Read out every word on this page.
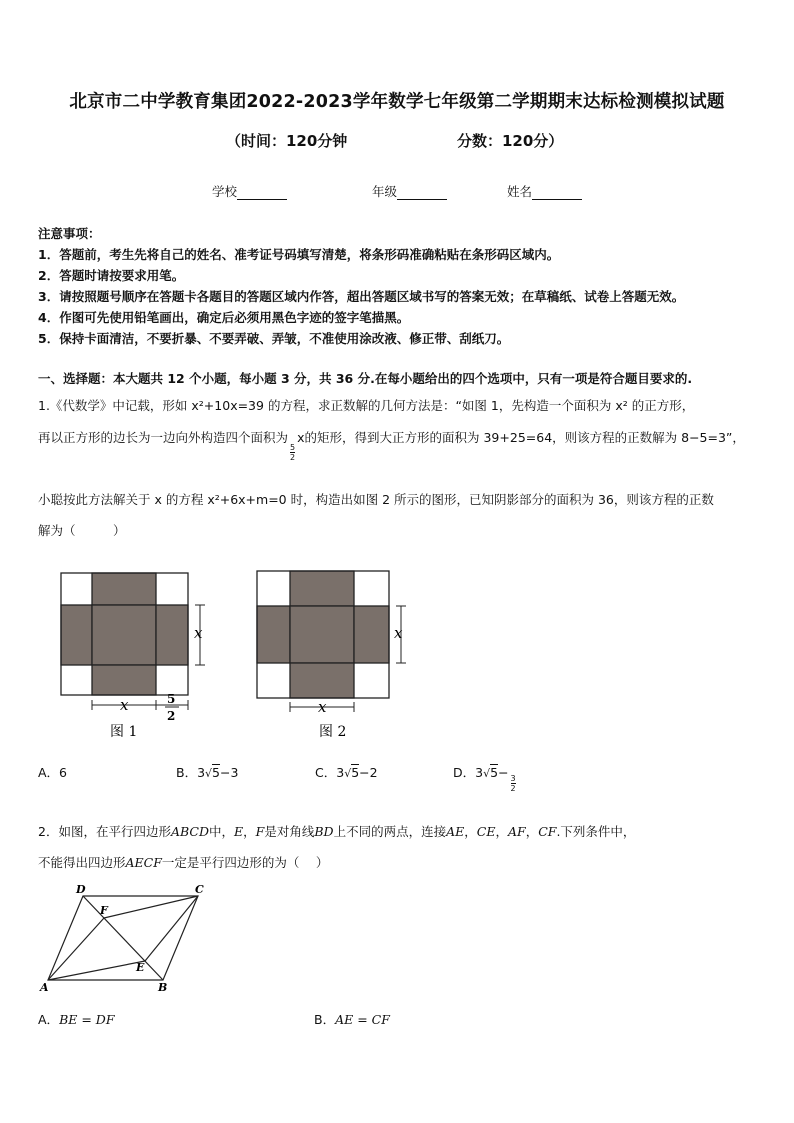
北京市二中学教育集团2022-2023学年数学七年级第二学期期末达标检测模拟试题
（时间：120分钟	分数：120分）
学校	年级	姓名
注意事项：
1．答题前，考生先将自己的姓名、准考证号码填写清楚，将条形码准确粘贴在条形码区域内。
2．答题时请按要求用笔。
3．请按照题号顺序在答题卡各题目的答题区域内作答，超出答题区域书写的答案无效；在草稿纸、试卷上答题无效。
4．作图可先使用铅笔画出，确定后必须用黑色字迹的签字笔描黑。
5．保持卡面清洁，不要折暴、不要弄破、弄皱，不准使用涂改液、修正带、刮纸刀。
一、选择题：本大题共 12 个小题，每小题 3 分，共 36 分.在每小题给出的四个选项中，只有一项是符合题目要求的.
1.《代数学》中记载，形如 x²+10x=39 的方程，求正数解的几何方法是：“如图 1，先构造一个面积为 x² 的正方形，
再以正方形的边长为一边向外构造四个面积为
$\frac{5}{2}$
x的矩形，得到大正方形的面积为 39+25=64，则该方程的正数解为 8−5=3”，
小聪按此方法解关于 x 的方程 x²+6x+m=0 时，构造出如图 2 所示的图形，已知阴影部分的面积为 36，则该方程的正数
解为（　　　）
x
x	5
2
图 1
x
x
图 2
A．6	B．3√5−3	C．3√5−2	D．3√5−
$\frac{3}{2}$
2．如图，在平行四边形ABCD中，E，F是对角线BD上不同的两点，连接AE，CE，AF，CF.下列条件中，
不能得出四边形AECF一定是平行四边形的为（　 ）
A	B
C
D
E
F
A．BE = DF	B．AE = CF
